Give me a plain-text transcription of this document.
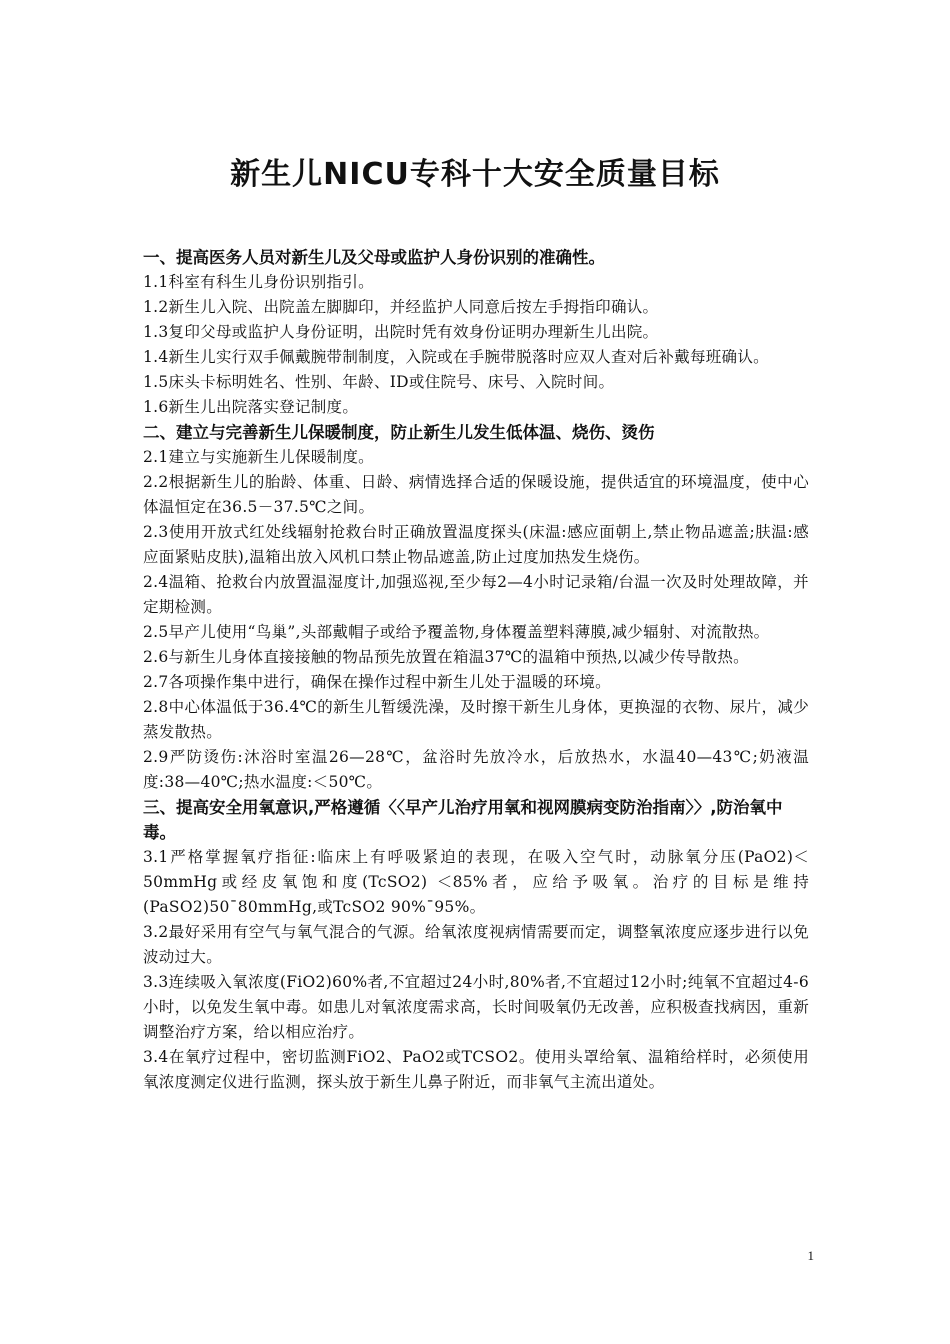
新生儿NICU专科十大安全质量目标

一、提高医务人员对新生儿及父母或监护人身份识别的准确性。

1.1科室有科生儿身份识别指引。

1.2新生儿入院、出院盖左脚脚印，并经监护人同意后按左手拇指印确认。

1.3复印父母或监护人身份证明，出院时凭有效身份证明办理新生儿出院。

1.4新生儿实行双手佩戴腕带制制度，入院或在手腕带脱落时应双人查对后补戴每班确认。

1.5床头卡标明姓名、性别、年龄、ID或住院号、床号、入院时间。

1.6新生儿出院落实登记制度。

二、建立与完善新生儿保暖制度，防止新生儿发生低体温、烧伤、烫伤

2.1建立与实施新生儿保暖制度。

2.2根据新生儿的胎龄、体重、日龄、病情选择合适的保暖设施，提供适宜的环境温度，使中心体温恒定在36.5－37.5℃之间。

2.3使用开放式红处线辐射抢救台时正确放置温度探头(床温:感应面朝上,禁止物品遮盖;肤温:感应面紧贴皮肤),温箱出放入风机口禁止物品遮盖,防止过度加热发生烧伤。

2.4温箱、抢救台内放置温湿度计,加强巡视,至少每2—4小时记录箱/台温一次及时处理故障，并定期检测。

2.5早产儿使用“鸟巢”,头部戴帽子或给予覆盖物,身体覆盖塑料薄膜,减少辐射、对流散热。

2.6与新生儿身体直接接触的物品预先放置在箱温37℃的温箱中预热,以减少传导散热。

2.7各项操作集中进行，确保在操作过程中新生儿处于温暖的环境。

2.8中心体温低于36.4℃的新生儿暂缓洗澡，及时擦干新生儿身体，更换湿的衣物、尿片，减少蒸发散热。

2.9严防烫伤:沐浴时室温26—28℃，盆浴时先放冷水，后放热水，水温40—43℃;奶液温度:38—40℃;热水温度:＜50℃。

三、提高安全用氧意识,严格遵循〈〈早产儿治疗用氧和视网膜病变防治指南〉〉,防治氧中毒。

3.1严格掌握氧疗指征:临床上有呼吸紧迫的表现，在吸入空气时，动脉氧分压(PaO2)＜50mmHg或经皮氧饱和度(TcSO2) ＜85%者，应给予吸氧。治疗的目标是维持(PaSO2)50¯80mmHg,或TcSO2 90%¯95%。

3.2最好采用有空气与氧气混合的气源。给氧浓度视病情需要而定，调整氧浓度应逐步进行以免波动过大。

3.3连续吸入氧浓度(FiO2)60%者,不宜超过24小时,80%者,不宜超过12小时;纯氧不宜超过4-6小时，以免发生氧中毒。如患儿对氧浓度需求高，长时间吸氧仍无改善，应积极查找病因，重新调整治疗方案，给以相应治疗。

3.4在氧疗过程中，密切监测FiO2、PaO2或TCSO2。使用头罩给氧、温箱给样时，必须使用氧浓度测定仪进行监测，探头放于新生儿鼻子附近，而非氧气主流出道处。

1
